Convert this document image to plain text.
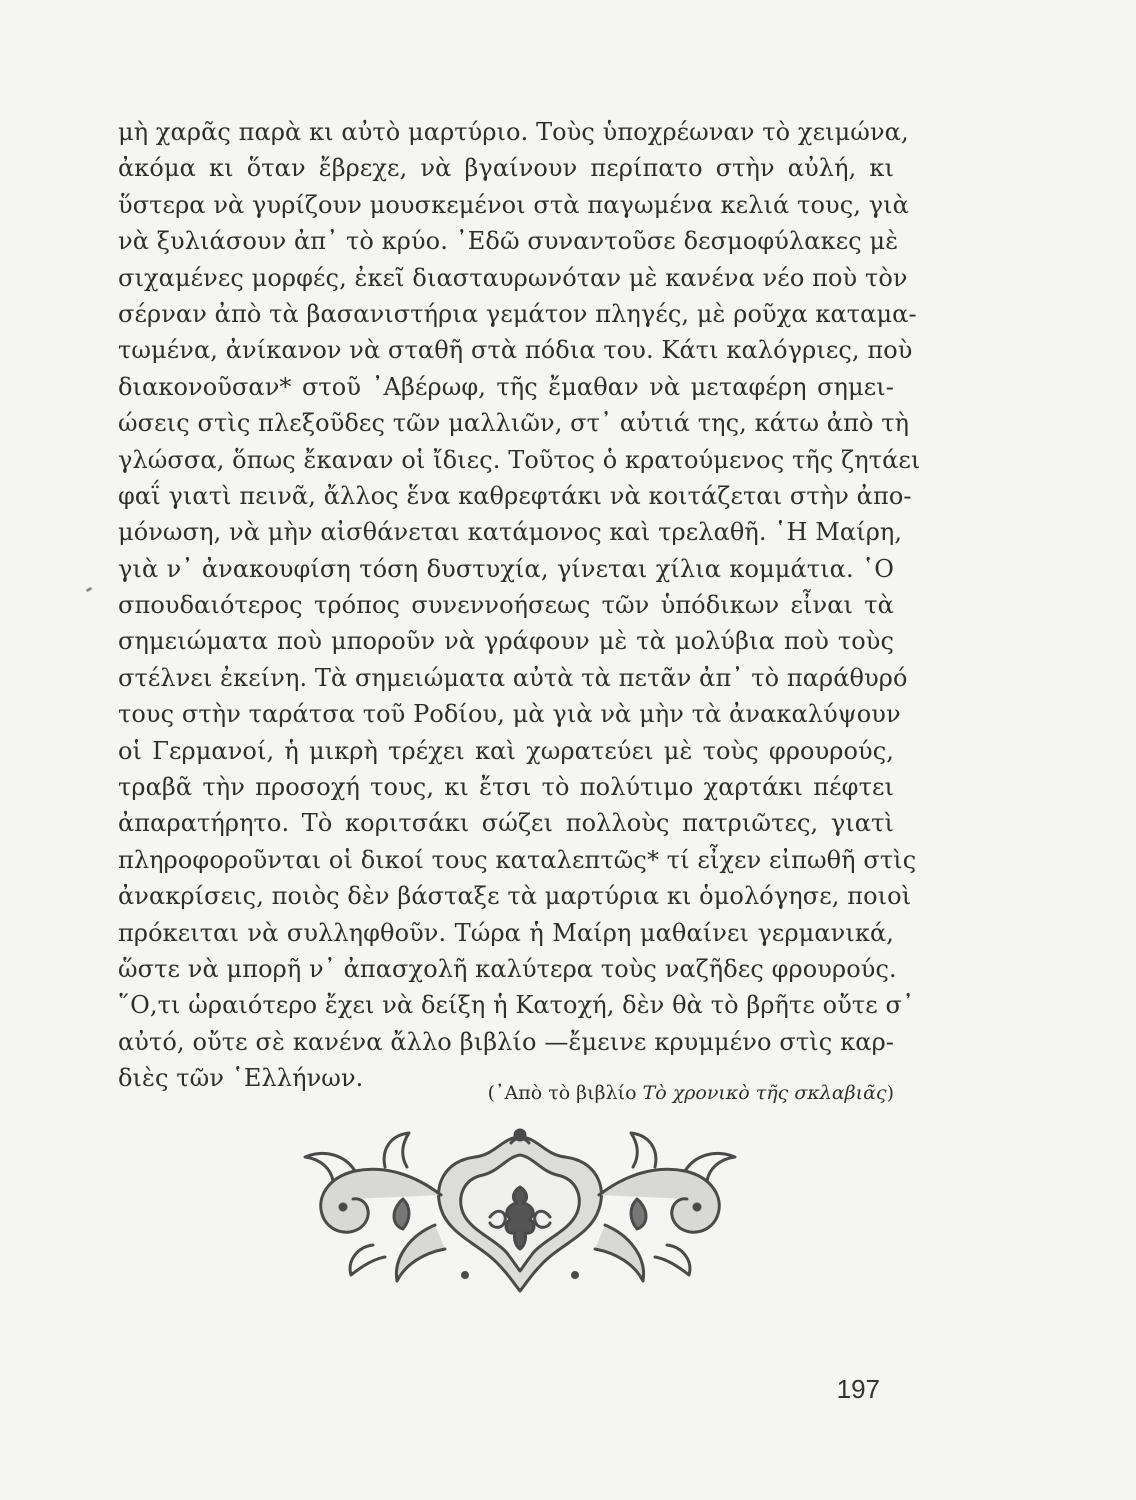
μὴ χαρᾶς παρὰ κι αὐτὸ μαρτύριο. Τοὺς ὑποχρέωναν τὸ χειμώνα,
ἀκόμα κι ὅταν ἔβρεχε, νὰ βγαίνουν περίπατο στὴν αὐλή, κι
ὕστερα νὰ γυρίζουν μουσκεμένοι στὰ παγωμένα κελιά τους, γιὰ
νὰ ξυλιάσουν ἀπ᾽ τὸ κρύο. ᾽Εδῶ συναντοῦσε δεσμοφύλακες μὲ
σιχαμένες μορφές, ἐκεῖ διασταυρωνόταν μὲ κανένα νέο ποὺ τὸν
σέρναν ἀπὸ τὰ βασανιστήρια γεμάτον πληγές, μὲ ροῦχα καταμα-
τωμένα, ἀνίκανον νὰ σταθῆ στὰ πόδια του. Κάτι καλόγριες, ποὺ
διακονοῦσαν* στοῦ ᾽Αβέρωφ, τῆς ἔμαθαν νὰ μεταφέρη σημει-
ώσεις στὶς πλεξοῦδες τῶν μαλλιῶν, στ᾽ αὐτιά της, κάτω ἀπὸ τὴ
γλώσσα, ὅπως ἔκαναν οἱ ἴδιες. Τοῦτος ὁ κρατούμενος τῆς ζητάει
φαΐ γιατὶ πεινᾶ, ἄλλος ἕνα καθρεφτάκι νὰ κοιτάζεται στὴν ἀπο-
μόνωση, νὰ μὴν αἰσθάνεται κατάμονος καὶ τρελαθῆ. ῾Η Μαίρη,
γιὰ ν᾽ ἀνακουφίση τόση δυστυχία, γίνεται χίλια κομμάτια. ῾Ο
σπουδαιότερος τρόπος συνεννοήσεως τῶν ὑπόδικων εἶναι τὰ
σημειώματα ποὺ μποροῦν νὰ γράφουν μὲ τὰ μολύβια ποὺ τοὺς
στέλνει ἐκείνη. Τὰ σημειώματα αὐτὰ τὰ πετᾶν ἀπ᾽ τὸ παράθυρό
τους στὴν ταράτσα τοῦ Ροδίου, μὰ γιὰ νὰ μὴν τὰ ἀνακαλύψουν
οἱ Γερμανοί, ἡ μικρὴ τρέχει καὶ χωρατεύει μὲ τοὺς φρουρούς,
τραβᾶ τὴν προσοχή τους, κι ἔτσι τὸ πολύτιμο χαρτάκι πέφτει
ἀπαρατήρητο. Τὸ κοριτσάκι σώζει πολλοὺς πατριῶτες, γιατὶ
πληροφοροῦνται οἱ δικοί τους καταλεπτῶς* τί εἶχεν εἰπωθῆ στὶς
ἀνακρίσεις, ποιὸς δὲν βάσταξε τὰ μαρτύρια κι ὁμολόγησε, ποιοὶ
πρόκειται νὰ συλληφθοῦν. Τώρα ἡ Μαίρη μαθαίνει γερμανικά,
ὥστε νὰ μπορῆ ν᾽ ἀπασχολῆ καλύτερα τοὺς ναζῆδες φρουρούς.
῞Ο,τι ὡραιότερο ἔχει νὰ δείξη ἡ Κατοχή, δὲν θὰ τὸ βρῆτε οὔτε σ᾽
αὐτό, οὔτε σὲ κανένα ἄλλο βιβλίο —ἔμεινε κρυμμένο στὶς καρ-
διὲς τῶν ῾Ελλήνων.
(᾽Απὸ τὸ βιβλίο Τὸ χρονικὸ τῆς σκλαβιᾶς)
197
